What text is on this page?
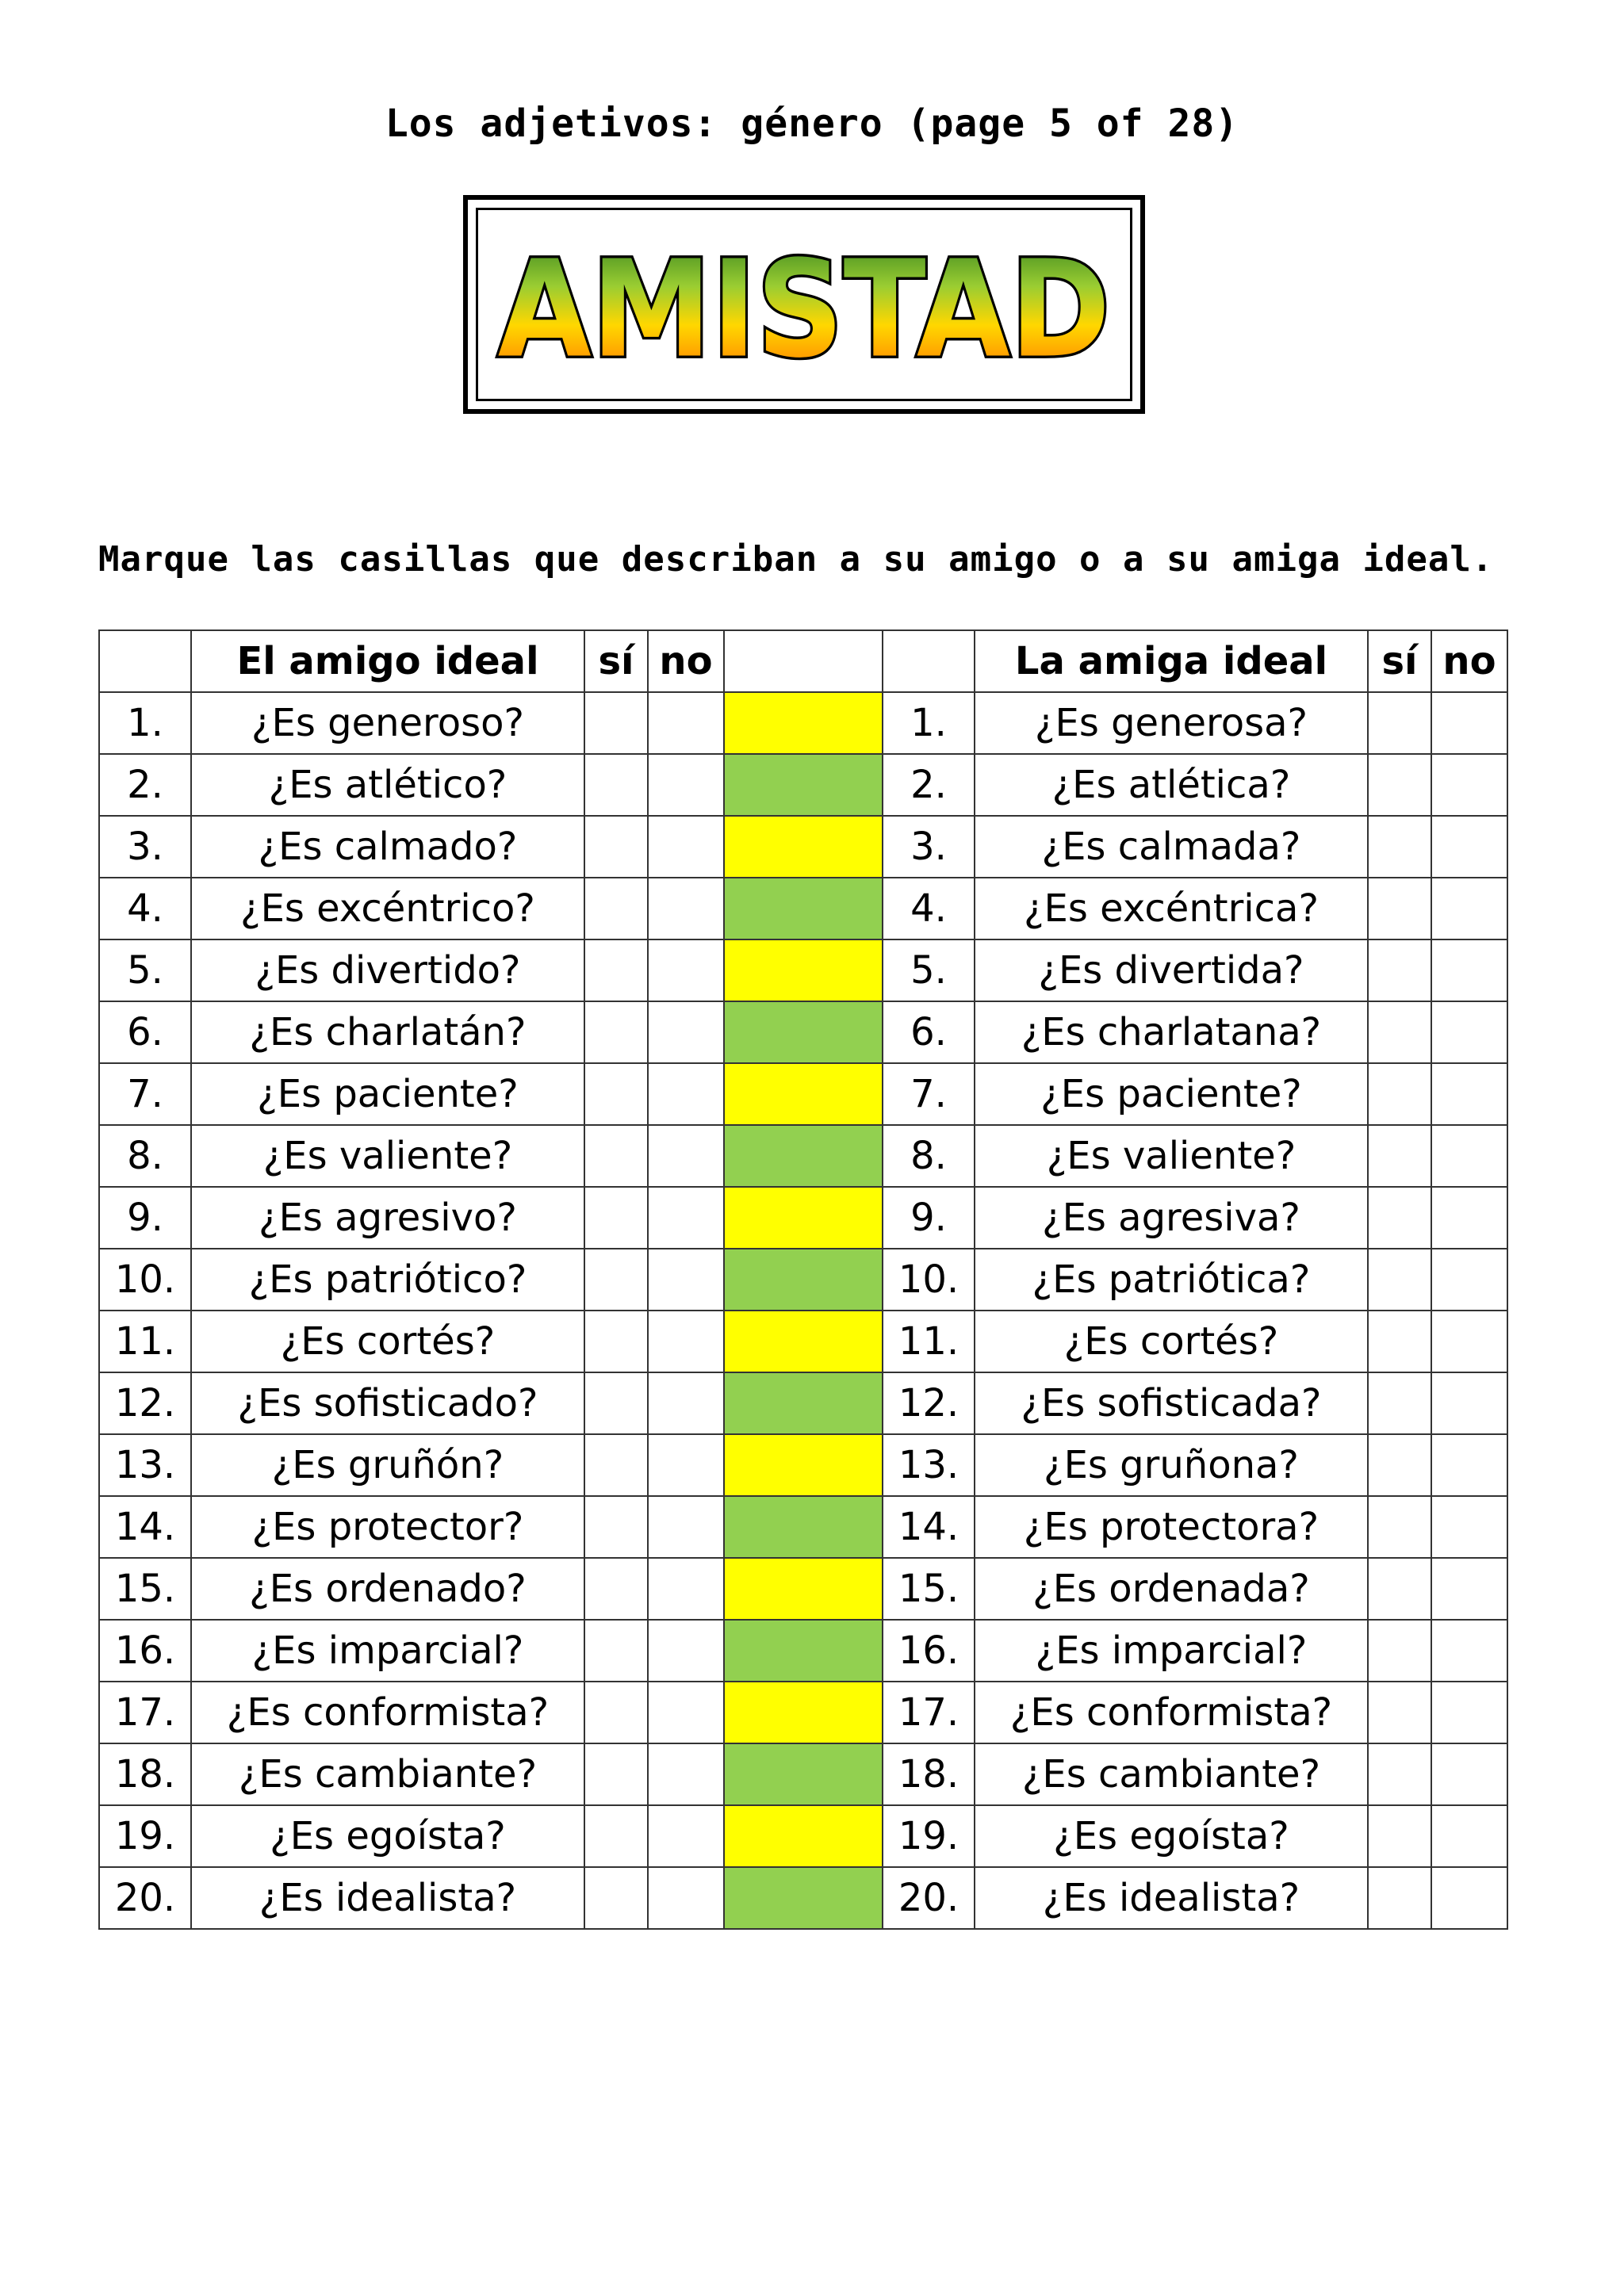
Los adjetivos: género (page 5 of 28)
AMISTAD
Marque las casillas que describan a su amigo o a su amiga ideal.
	El amigo ideal	sí	no			La amiga ideal	sí	no
1.	¿Es generoso?				1.	¿Es generosa?		
2.	¿Es atlético?				2.	¿Es atlética?		
3.	¿Es calmado?				3.	¿Es calmada?		
4.	¿Es excéntrico?				4.	¿Es excéntrica?		
5.	¿Es divertido?				5.	¿Es divertida?		
6.	¿Es charlatán?				6.	¿Es charlatana?		
7.	¿Es paciente?				7.	¿Es paciente?		
8.	¿Es valiente?				8.	¿Es valiente?		
9.	¿Es agresivo?				9.	¿Es agresiva?		
10.	¿Es patriótico?				10.	¿Es patriótica?		
11.	¿Es cortés?				11.	¿Es cortés?		
12.	¿Es sofisticado?				12.	¿Es sofisticada?		
13.	¿Es gruñón?				13.	¿Es gruñona?		
14.	¿Es protector?				14.	¿Es protectora?		
15.	¿Es ordenado?				15.	¿Es ordenada?		
16.	¿Es imparcial?				16.	¿Es imparcial?		
17.	¿Es conformista?				17.	¿Es conformista?		
18.	¿Es cambiante?				18.	¿Es cambiante?		
19.	¿Es egoísta?				19.	¿Es egoísta?		
20.	¿Es idealista?				20.	¿Es idealista?		
